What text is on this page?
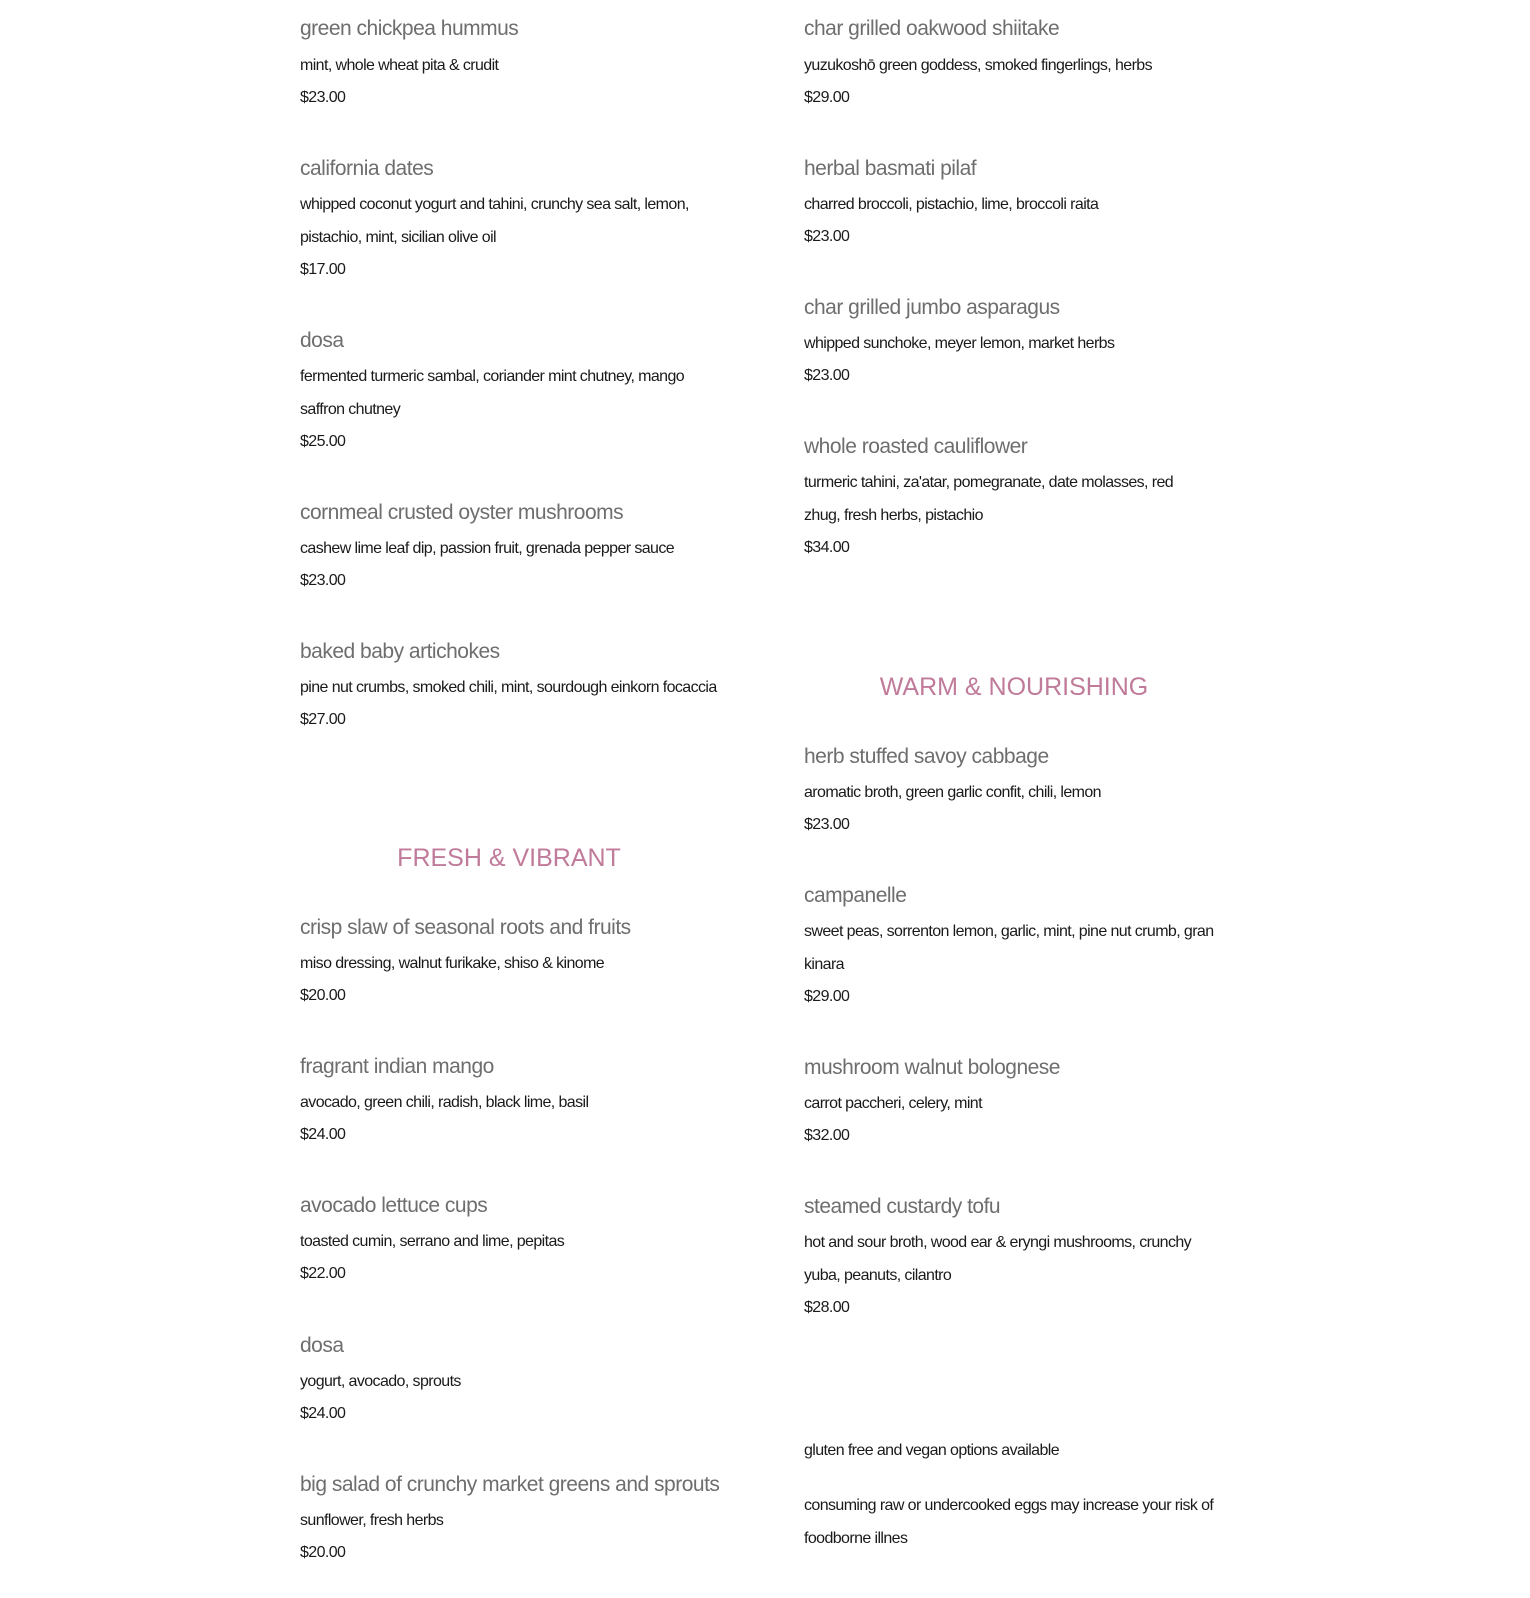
green chickpea hummus
mint, whole wheat pita & crudit
$23.00
california dates
whipped coconut yogurt and tahini, crunchy sea salt, lemon, pistachio, mint, sicilian olive oil
$17.00
dosa
fermented turmeric sambal, coriander mint chutney, mango saffron chutney
$25.00
cornmeal crusted oyster mushrooms
cashew lime leaf dip, passion fruit, grenada pepper sauce
$23.00
baked baby artichokes
pine nut crumbs, smoked chili, mint, sourdough einkorn focaccia
$27.00
FRESH & VIBRANT
crisp slaw of seasonal roots and fruits
miso dressing, walnut furikake, shiso & kinome
$20.00
fragrant indian mango
avocado, green chili, radish, black lime, basil
$24.00
avocado lettuce cups
toasted cumin, serrano and lime, pepitas
$22.00
dosa
yogurt, avocado, sprouts
$24.00
big salad of crunchy market greens and sprouts
sunflower, fresh herbs
$20.00
char grilled oakwood shiitake
yuzukoshō green goddess, smoked fingerlings, herbs
$29.00
herbal basmati pilaf
charred broccoli, pistachio, lime, broccoli raita
$23.00
char grilled jumbo asparagus
whipped sunchoke, meyer lemon, market herbs
$23.00
whole roasted cauliflower
turmeric tahini, za'atar, pomegranate, date molasses, red zhug, fresh herbs, pistachio
$34.00
WARM & NOURISHING
herb stuffed savoy cabbage
aromatic broth, green garlic confit, chili, lemon
$23.00
campanelle
sweet peas, sorrenton lemon, garlic, mint, pine nut crumb, gran kinara
$29.00
mushroom walnut bolognese
carrot paccheri, celery, mint
$32.00
steamed custardy tofu
hot and sour broth, wood ear & eryngi mushrooms, crunchy yuba, peanuts, cilantro
$28.00
gluten free and vegan options available
consuming raw or undercooked eggs may increase your risk of foodborne illnes
